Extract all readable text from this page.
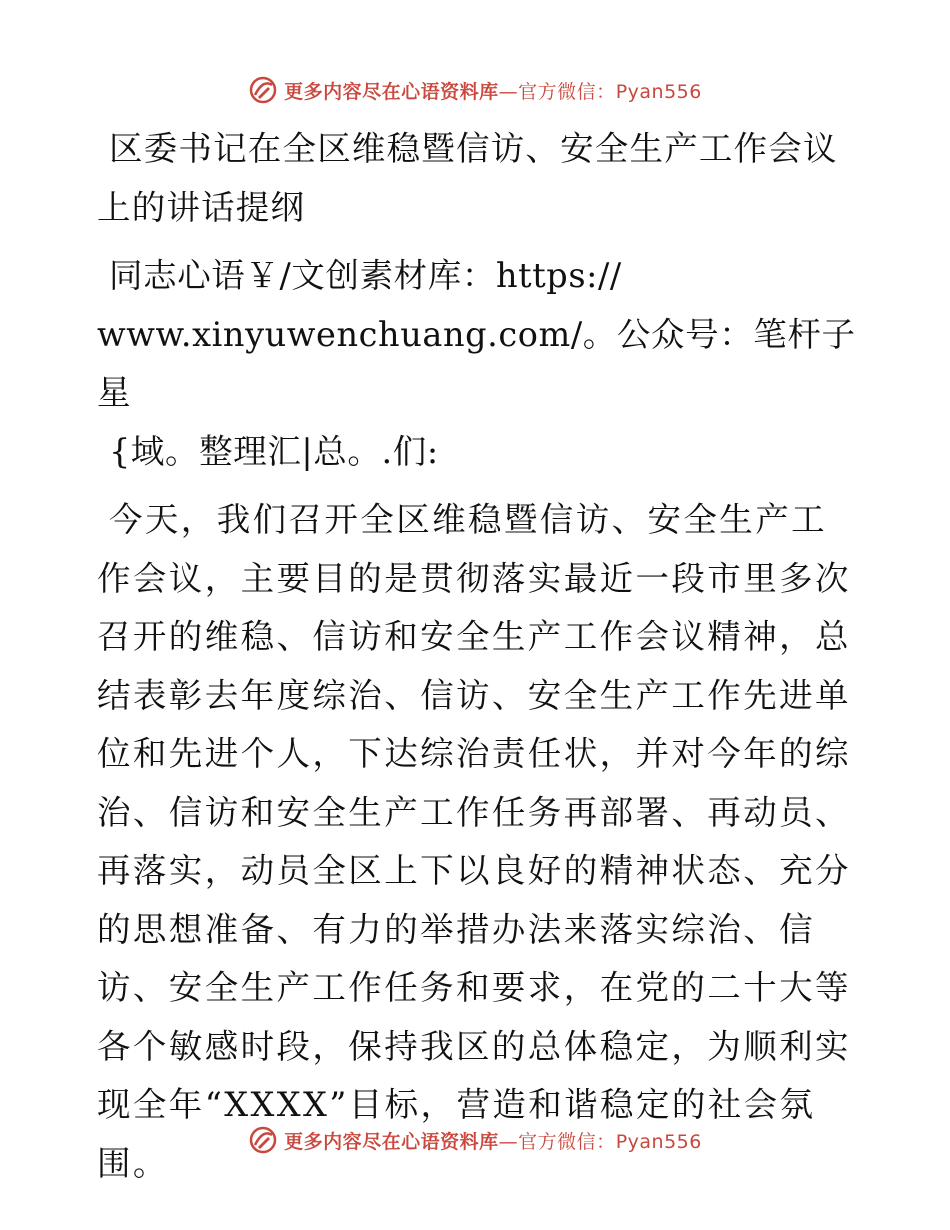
更多内容尽在心语资料库—官方微信：Pyan556

区委书记在全区维稳暨信访、安全生产工作会议上的讲话提纲

同志心语￥/文创素材库：https://
www.xinyuwenchuang.com/。公众号：笔杆子星
{域。整理汇|总。.们:

今天，我们召开全区维稳暨信访、安全生产工作会议，主要目的是贯彻落实最近一段市里多次召开的维稳、信访和安全生产工作会议精神，总结表彰去年度综治、信访、安全生产工作先进单位和先进个人，下达综治责任状，并对今年的综治、信访和安全生产工作任务再部署、再动员、再落实，动员全区上下以良好的精神状态、充分的思想准备、有力的举措办法来落实综治、信访、安全生产工作任务和要求，在党的二十大等各个敏感时段，保持我区的总体稳定，为顺利实现全年“XXXX”目标，营造和谐稳定的社会氛围。

更多内容尽在心语资料库—官方微信：Pyan556
